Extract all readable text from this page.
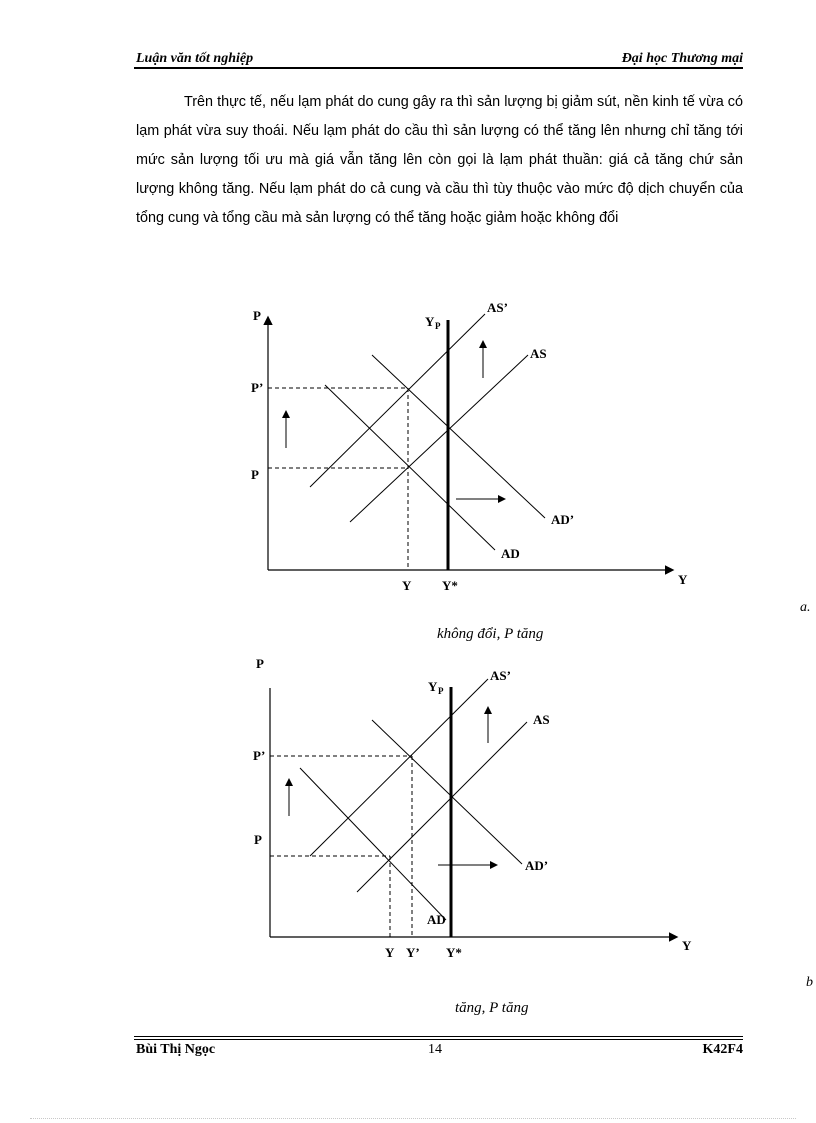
Luận văn tốt nghiệp	Đại học Thương mại

Trên thực tế, nếu lạm phát do cung gây ra thì sản lượng bị giảm sút, nền kinh tế vừa có lạm phát vừa suy thoái. Nếu lạm phát do cầu thì sản lượng có thể tăng lên nhưng chỉ tăng tới mức sản lượng tối ưu mà giá vẫn tăng lên còn gọi là lạm phát thuần: giá cả tăng chứ sản lượng không tăng. Nếu lạm phát do cả cung và cầu thì tùy thuộc vào mức độ dịch chuyển của tổng cung và tổng cầu mà sản lượng có thể tăng hoặc giảm hoặc không đổi

P
Y
Y P
AS’
AS
AD’
AD
P’
P
Y Y*
a.
không đổi, P tăng
P
Y
Y P
AS’
AS
AD’
AD
P’
P
Y Y’ Y*
b
tăng, P tăng
Bùi Thị Ngọc	14	K42F4
